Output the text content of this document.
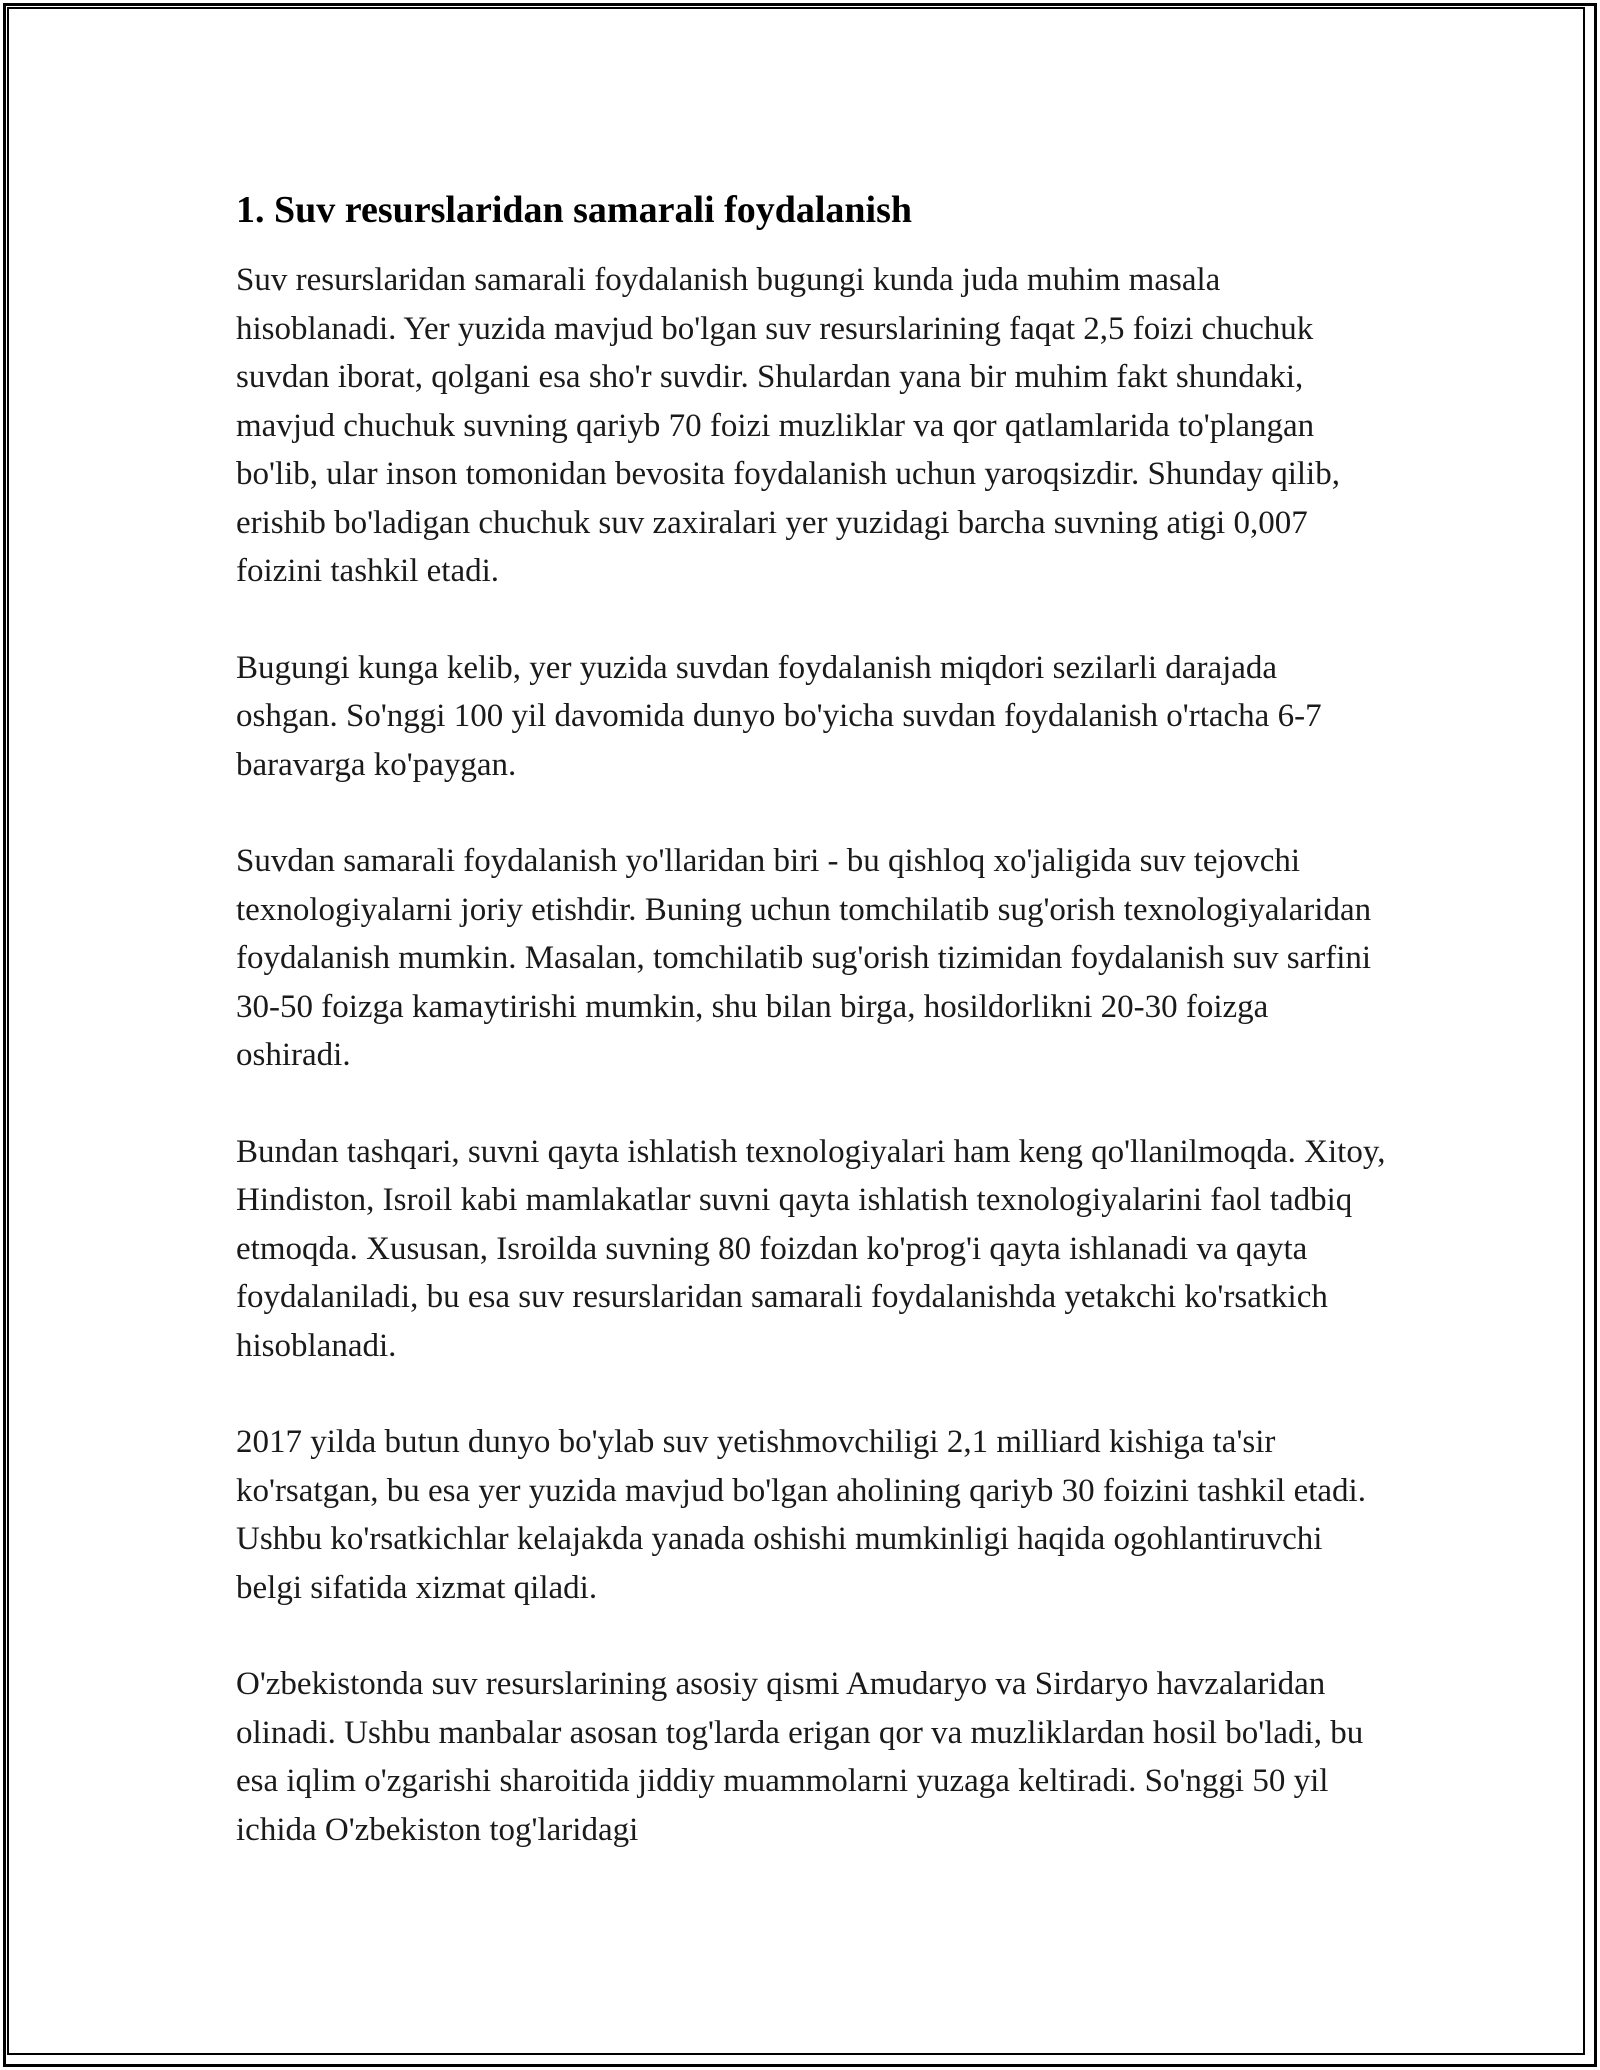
1. Suv resurslaridan samarali foydalanish

Suv resurslaridan samarali foydalanish bugungi kunda juda muhim masala hisoblanadi. Yer yuzida mavjud bo'lgan suv resurslarining faqat 2,5 foizi chuchuk suvdan iborat, qolgani esa sho'r suvdir. Shulardan yana bir muhim fakt shundaki, mavjud chuchuk suvning qariyb 70 foizi muzliklar va qor qatlamlarida to'plangan bo'lib, ular inson tomonidan bevosita foydalanish uchun yaroqsizdir. Shunday qilib, erishib bo'ladigan chuchuk suv zaxiralari yer yuzidagi barcha suvning atigi 0,007 foizini tashkil etadi.

Bugungi kunga kelib, yer yuzida suvdan foydalanish miqdori sezilarli darajada oshgan. So'nggi 100 yil davomida dunyo bo'yicha suvdan foydalanish o'rtacha 6-7 baravarga ko'paygan.

Suvdan samarali foydalanish yo'llaridan biri - bu qishloq xo'jaligida suv tejovchi texnologiyalarni joriy etishdir. Buning uchun tomchilatib sug'orish texnologiyalaridan foydalanish mumkin. Masalan, tomchilatib sug'orish tizimidan foydalanish suv sarfini 30-50 foizga kamaytirishi mumkin, shu bilan birga, hosildorlikni 20-30 foizga oshiradi.

Bundan tashqari, suvni qayta ishlatish texnologiyalari ham keng qo'llanilmoqda. Xitoy, Hindiston, Isroil kabi mamlakatlar suvni qayta ishlatish texnologiyalarini faol tadbiq etmoqda. Xususan, Isroilda suvning 80 foizdan ko'prog'i qayta ishlanadi va qayta foydalaniladi, bu esa suv resurslaridan samarali foydalanishda yetakchi ko'rsatkich hisoblanadi.

2017 yilda butun dunyo bo'ylab suv yetishmovchiligi 2,1 milliard kishiga ta'sir ko'rsatgan, bu esa yer yuzida mavjud bo'lgan aholining qariyb 30 foizini tashkil etadi. Ushbu ko'rsatkichlar kelajakda yanada oshishi mumkinligi haqida ogohlantiruvchi belgi sifatida xizmat qiladi.

O'zbekistonda suv resurslarining asosiy qismi Amudaryo va Sirdaryo havzalaridan olinadi. Ushbu manbalar asosan tog'larda erigan qor va muzliklardan hosil bo'ladi, bu esa iqlim o'zgarishi sharoitida jiddiy muammolarni yuzaga keltiradi. So'nggi 50 yil ichida O'zbekiston tog'laridagi
